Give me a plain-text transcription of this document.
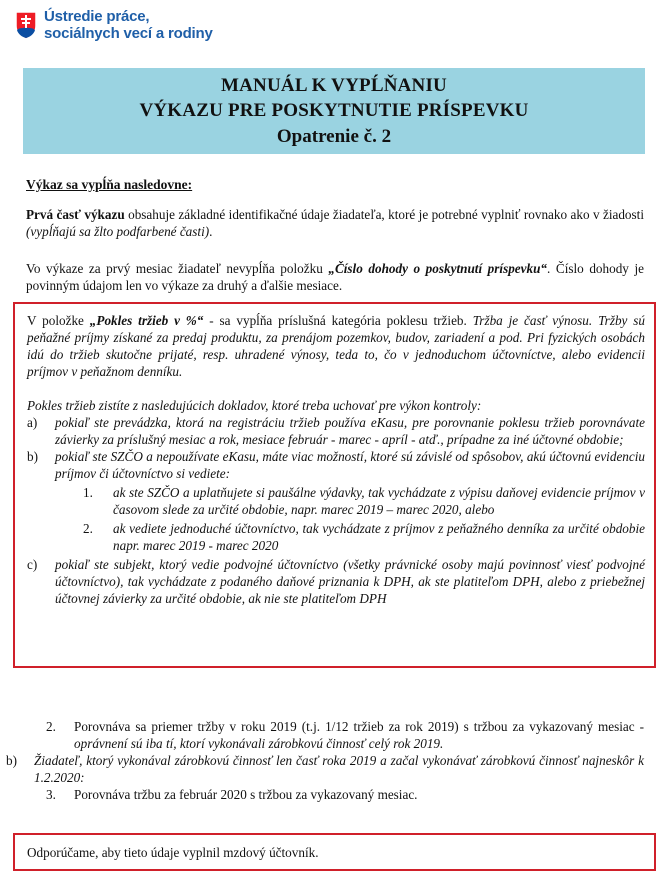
Ústredie práce,
sociálnych vecí a rodiny
MANUÁL K VYPĹŇANIU
VÝKAZU PRE POSKYTNUTIE PRÍSPEVKU
Opatrenie č. 2
Výkaz sa vypĺňa nasledovne:

Prvá časť výkazu obsahuje základné identifikačné údaje žiadateľa, ktoré je potrebné vyplniť rovnako ako v žiadosti (vypĺňajú sa žlto podfarbené časti).

Vo výkaze za prvý mesiac žiadateľ nevypĺňa položku „Číslo dohody o poskytnutí príspevku“. Číslo dohody je povinným údajom len vo výkaze za druhý a ďalšie mesiace.

V položke „Pokles tržieb v %“ - sa vypĺňa príslušná kategória poklesu tržieb. Tržba je časť výnosu. Tržby sú peňažné príjmy získané za predaj produktu, za prenájom pozemkov, budov, zariadení a pod. Pri fyzických osobách idú do tržieb skutočne prijaté, resp. uhradené výnosy, teda to, čo v jednoduchom účtovníctve, alebo evidencii príjmov v peňažnom denníku.

Pokles tržieb zistíte z nasledujúcich dokladov, ktoré treba uchovať pre výkon kontroly:

a)	pokiaľ ste prevádzka, ktorá na registráciu tržieb používa eKasu, pre porovnanie poklesu tržieb porovnávate závierky za príslušný mesiac a rok, mesiace február - marec - apríl - atď., prípadne za iné účtovné obdobie;
b)	pokiaľ ste SZČO a nepoužívate eKasu, máte viac možností, ktoré sú závislé od spôsobov, akú účtovnú evidenciu príjmov či účtovníctvo si vediete:
1.	ak ste SZČO a uplatňujete si paušálne výdavky, tak vychádzate z výpisu daňovej evidencie príjmov v časovom slede za určité obdobie, napr. marec 2019 – marec 2020, alebo
2.	ak vediete jednoduché účtovníctvo, tak vychádzate z príjmov z peňažného denníka za určité obdobie napr. marec 2019 - marec 2020
c)	pokiaľ ste subjekt, ktorý vedie podvojné účtovníctvo (všetky právnické osoby majú povinnosť viesť podvojné účtovníctvo), tak vychádzate z podaného daňové priznania k DPH, ak ste platiteľom DPH, alebo z priebežnej účtovnej závierky za určité obdobie, ak nie ste platiteľom DPH
2.	Porovnáva sa priemer tržby v roku 2019 (t.j. 1/12 tržieb za rok 2019) s tržbou za vykazovaný mesiac - oprávnení sú iba tí, ktorí vykonávali zárobkovú činnosť celý rok 2019.
b)	Žiadateľ, ktorý vykonával zárobkovú činnosť len časť roka 2019 a začal vykonávať zárobkovú činnosť najneskôr k 1.2.2020:
3.	Porovnáva tržbu za február 2020 s tržbou za vykazovaný mesiac.

Odporúčame, aby tieto údaje vyplnil mzdový účtovník.
